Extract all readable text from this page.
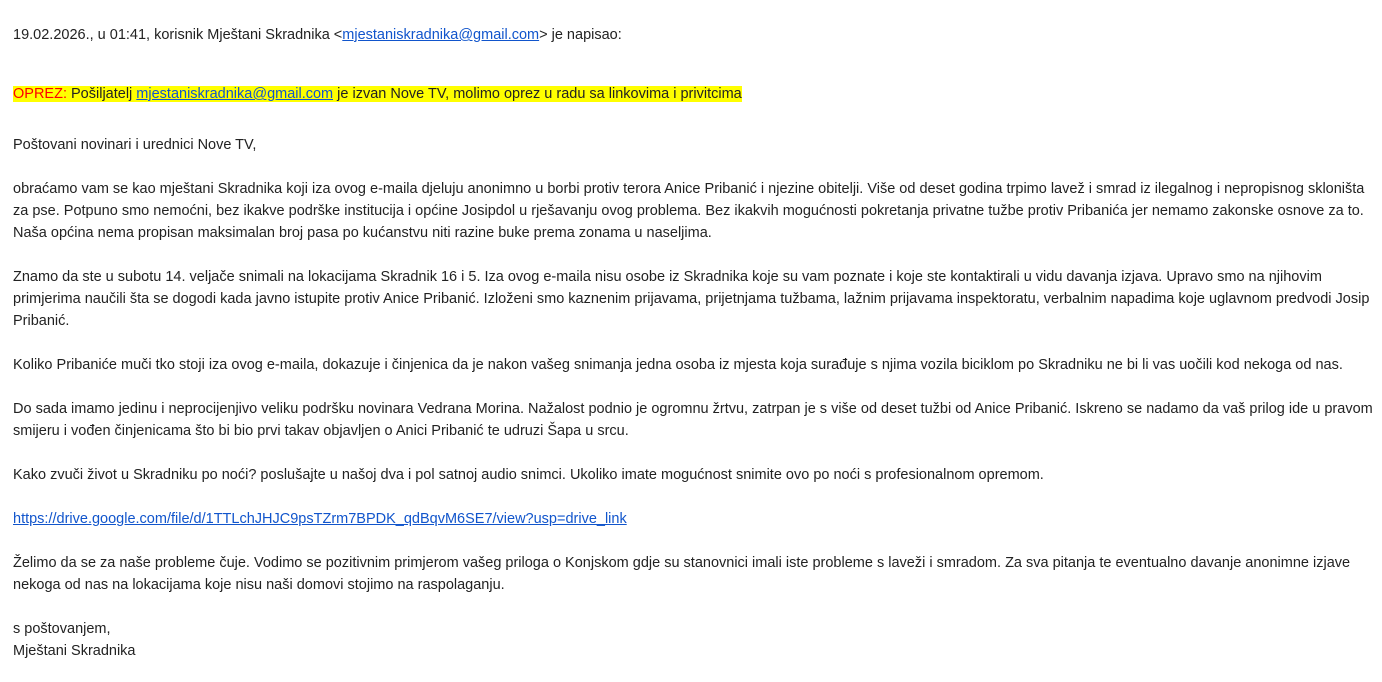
19.02.2026., u 01:41, korisnik Mještani Skradnika <mjestaniskradnika@gmail.com> je napisao:

OPREZ: Pošiljatelj mjestaniskradnika@gmail.com je izvan Nove TV, molimo oprez u radu sa linkovima i privitcima

Poštovani novinari i urednici Nove TV,

obraćamo vam se kao mještani Skradnika koji iza ovog e-maila djeluju anonimno u borbi protiv terora Anice Pribanić i njezine obitelji. Više od deset godina trpimo lavež i smrad iz ilegalnog i nepropisnog skloništa za pse. Potpuno smo nemoćni, bez ikakve podrške institucija i općine Josipdol u rješavanju ovog problema. Bez ikakvih mogućnosti pokretanja privatne tužbe protiv Pribanića jer nemamo zakonske osnove za to. Naša općina nema propisan maksimalan broj pasa po kućanstvu niti razine buke prema zonama u naseljima.

Znamo da ste u subotu 14. veljače snimali na lokacijama Skradnik 16 i 5. Iza ovog e-maila nisu osobe iz Skradnika koje su vam poznate i koje ste kontaktirali u vidu davanja izjava. Upravo smo na njihovim primjerima naučili šta se dogodi kada javno istupite protiv Anice Pribanić. Izloženi smo kaznenim prijavama, prijetnjama tužbama, lažnim prijavama inspektoratu, verbalnim napadima koje uglavnom predvodi Josip Pribanić.

Koliko Pribaniće muči tko stoji iza ovog e-maila, dokazuje i činjenica da je nakon vašeg snimanja jedna osoba iz mjesta koja surađuje s njima vozila biciklom po Skradniku ne bi li vas uočili kod nekoga od nas.

Do sada imamo jedinu i neprocijenjivo veliku podršku novinara Vedrana Morina. Nažalost podnio je ogromnu žrtvu, zatrpan je s više od deset tužbi od Anice Pribanić. Iskreno se nadamo da vaš prilog ide u pravom smijeru i vođen činjenicama što bi bio prvi takav objavljen o Anici Pribanić te udruzi Šapa u srcu.

Kako zvuči život u Skradniku po noći? poslušajte u našoj dva i pol satnoj audio snimci. Ukoliko imate mogućnost snimite ovo po noći s profesionalnom opremom.

https://drive.google.com/file/d/1TTLchJHJC9psTZrm7BPDK_qdBqvM6SE7/view?usp=drive_link

Želimo da se za naše probleme čuje. Vodimo se pozitivnim primjerom vašeg priloga o Konjskom gdje su stanovnici imali iste probleme s laveži i smradom. Za sva pitanja te eventualno davanje anonimne izjave nekoga od nas na lokacijama koje nisu naši domovi stojimo na raspolaganju.

s poštovanjem,
Mještani Skradnika
